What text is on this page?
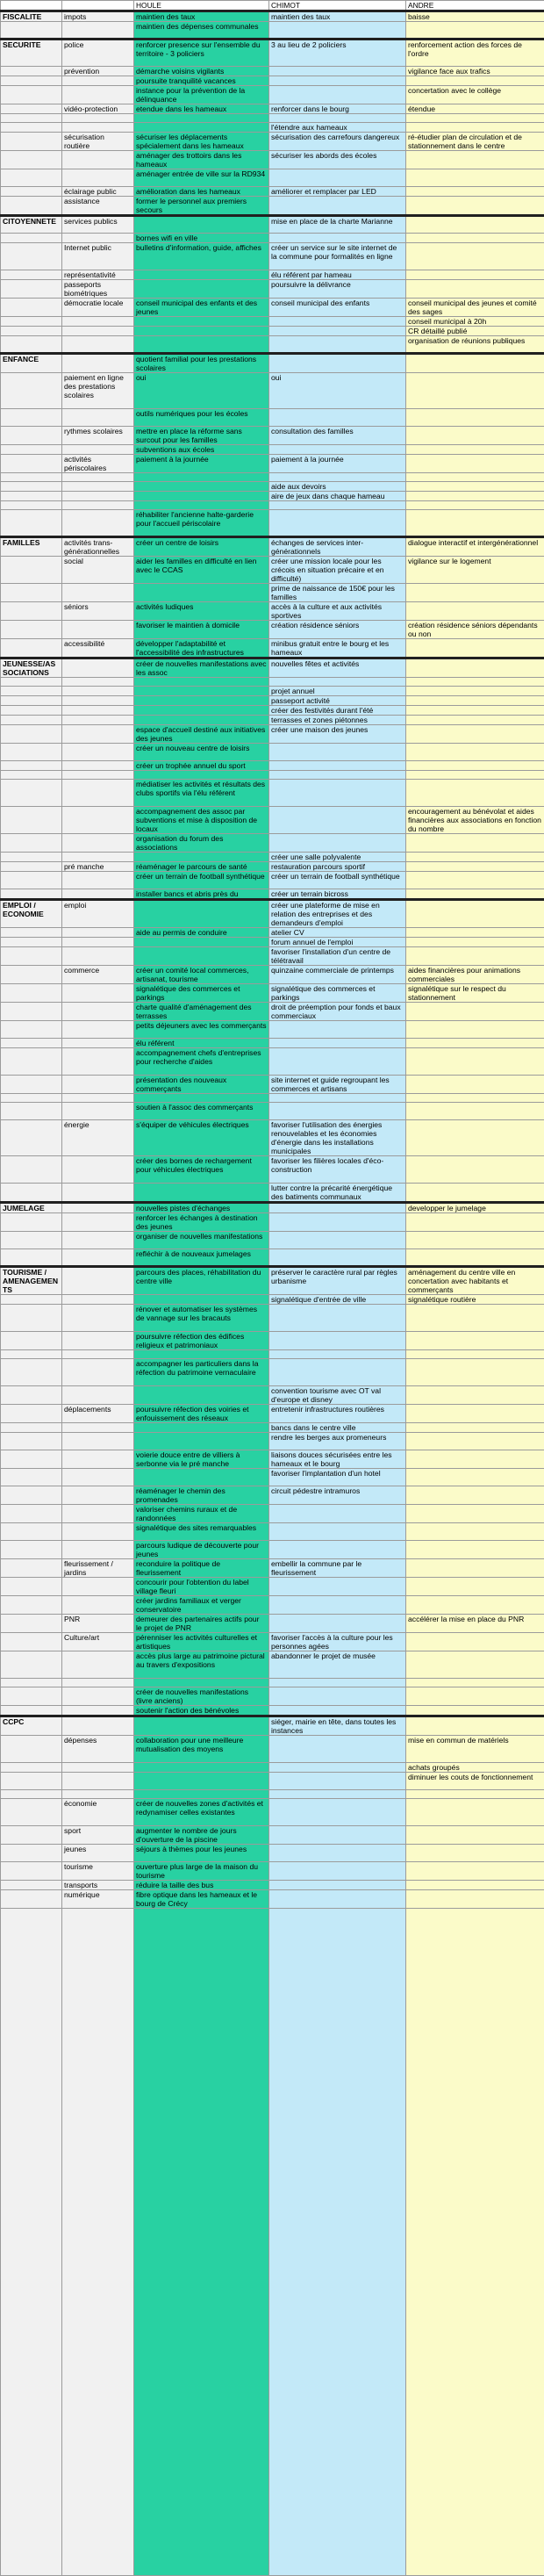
		HOULE	CHIMOT	ANDRE
FISCALITE	impots	maintien des taux	maintien des taux	baisse
		maintien des dépenses communales		
SECURITE	police	renforcer presence sur l'ensemble du territoire - 3 policiers	3 au lieu de 2 policiers	renforcement action des forces de l'ordre
	prévention	démarche voisins vigilants		vigilance face aux trafics
		poursuite tranquilité vacances		
		instance pour la prévention de la délinquance		concertation avec le collège
	vidéo-protection	etendue dans les hameaux	renforcer dans le bourg	étendue

			l'étendre aux hameaux	
	sécurisation routière	sécuriser les déplacements spécialement dans les hameaux	sécurisation des carrefours dangereux	ré-étudier plan de circulation et de stationnement dans le centre
		aménager des trottoirs dans les hameaux	sécuriser les abords des écoles	
		aménager entrée de ville sur la RD934		
	éclairage public	amélioration dans les hameaux	améliorer et remplacer par LED	
	assistance	former le personnel aux premiers secours		
CITOYENNETE	services publics		mise en place de la charte Marianne	
		bornes wifi en ville		
	Internet public	bulletins d'information, guide, affiches	créer un service sur le site internet de la commune pour formalités en ligne	
	représentativité		élu référent par hameau	
	passeports biométriques		poursuivre la délivrance	
	démocratie locale	conseil municipal des enfants et des jeunes	conseil municipal des enfants	conseil municipal des jeunes et comité des sages
				conseil municipal à 20h
				CR détaillé publié
				organisation de réunions publiques
ENFANCE		quotient familial pour les prestations scolaires		
	paiement en ligne des prestations scolaires	oui	oui	
		outils numériques pour les écoles		
	rythmes scolaires	mettre en place la réforme sans surcout pour les familles	consultation des familles	
		subventions aux écoles		
	activités périscolaires	paiement à la journée	paiement à la journée	

			aide aux devoirs	
			aire de jeux dans chaque hameau	

		réhabiliter l'ancienne halte-garderie pour l'accueil périscolaire		
FAMILLES	activités trans-générationnelles	créer un centre de loisirs	échanges de services inter-générationnels	dialogue interactif et intergénérationnel
	social	aider les familles en difficulté en lien avec le CCAS	créer une mission locale pour les crécois en situation précaire et en difficulté)	vigilance sur le logement
			prime de naissance de 150€ pour les familles	
	séniors	activités ludiques	accès à la culture et aux activités sportives	
		favoriser le maintien à domicile	création résidence séniors	création résidence séniors dépendants ou non
	accessibilité	développer l'adaptabilité et l'accessibilité des infrastructures	minibus gratuit entre le bourg et les hameaux	
JEUNESSE/ASSOCIATIONS		créer de nouvelles manifestations avec les assoc	nouvelles fêtes et activités	

			projet annuel	
			passeport activité	
			créer des festivités durant l'été	
			terrasses et zones piétonnes	
		espace d'accueil destiné aux initiatives des jeunes	créer une maison des jeunes	
		créer un nouveau centre de loisirs		
		créer un trophée annuel du sport		

		médiatiser les activités et résultats des clubs sportifs via l'élu référent		
		accompagnement des assoc par subventions et mise à disposition de locaux		encouragement au bénévolat et aides financières aux associations en fonction du nombre
		organisation du forum des associations		
			créer une salle polyvalente	
	pré manche	réaménager le parcours de santé	restauration parcours sportif	
		créer un terrain de football synthétique	créer un terrain de football synthétique	
		installer bancs et abris près du	créer un terrain bicross	
EMPLOI / ECONOMIE	emploi		créer une plateforme de mise en relation des entreprises et des demandeurs d'emploi	
		aide au permis de conduire	atelier CV	
			forum annuel de l'emploi	
			favoriser l'installation d'un centre de télétravail	
	commerce	créer un comité local commerces, artisanat, tourisme	quinzaine commerciale de printemps	aides financières pour animations commerciales
		signalétique des commerces et parkings	signalétique des commerces et parkings	signalétique sur le respect du stationnement
		charte qualité d'aménagement des terrasses	droit de préemption pour fonds et baux commerciaux	
		petits déjeuners avec les commerçants		
		élu référent		
		accompagnement chefs d'entreprises pour recherche d'aides		
		présentation des nouveaux commerçants	site internet et guide regroupant les commerces et artisans	

		soutien à l'assoc des commerçants		
	énergie	s'équiper de véhicules électriques	favoriser l'utilisation des énergies renouvelables et les économies d'énergie dans les installations municipales	
		créer des bornes de rechargement pour véhicules électriques	favoriser les filières locales d'éco-construction	
			lutter contre la précarité énergétique des batiments communaux	
JUMELAGE		nouvelles pistes d'échanges		developper le jumelage
		renforcer les échanges à destination des jeunes		
		organiser de nouvelles manifestations		
		refléchir à de nouveaux jumelages		
TOURISME / AMENAGEMENTS		parcours des places, réhabilitation du centre ville	préserver le caractère rural par règles urbanisme	aménagement du centre ville en concertation avec habitants et commerçants
			signalétique d'entrée de ville	signalétique routière
		rénover et automatiser les systèmes de vannage sur les bracauts		
		poursuivre réfection des édifices religieux et patrimoniaux		

		accompagner les particuliers dans la réfection du patrimoine vernaculaire		
			convention tourisme avec OT val d'europe et disney	
	déplacements	poursuivre réfection des voiries et enfouissement des réseaux	entretenir infrastructures routières	
			bancs dans le centre ville	
			rendre les berges aux promeneurs	
		voierie douce entre de villiers à serbonne via le pré manche	liaisons douces sécurisées entre les hameaux et le bourg	
			favoriser l'implantation d'un hotel	
		réaménager le chemin des promenades	circuit pédestre intramuros	
		valoriser chemins ruraux et de randonnées		
		signalétique des sites remarquables		
		parcours ludique de découverte pour jeunes		
	fleurissement / jardins	reconduire la politique de fleurissement	embellir la commune par le fleurissement	
		concourir pour l'obtention du label village fleuri		
		créer jardins familiaux et verger conservatoire		
	PNR	demeurer des partenaires actifs pour le projet de PNR		accélérer la mise en place du PNR
	Culture/art	pérenniser les activités culturelles et artistiques	favoriser l'accès à la culture pour les personnes agées	
		accès plus large au patrimoine pictural au travers d'expositions	abandonner le projet de musée	

		créer de nouvelles manifestations (livre anciens)		
		soutenir l'action des bénévoles		
CCPC			siéger, mairie en tête, dans toutes les instances	
	dépenses	collaboration pour une meilleure mutualisation des moyens		mise en commun de matériels
				achats groupés
				diminuer les couts de fonctionnement

	économie	créer de nouvelles zones d'activités et redynamiser celles existantes		
	sport	augmenter le nombre de jours d'ouverture de la piscine		
	jeunes	séjours à thèmes pour les jeunes		
	tourisme	ouverture plus large de la maison du tourisme		
	transports	réduire la taille des bus		
	numérique	fibre optique dans les hameaux et le bourg de Crécy		
